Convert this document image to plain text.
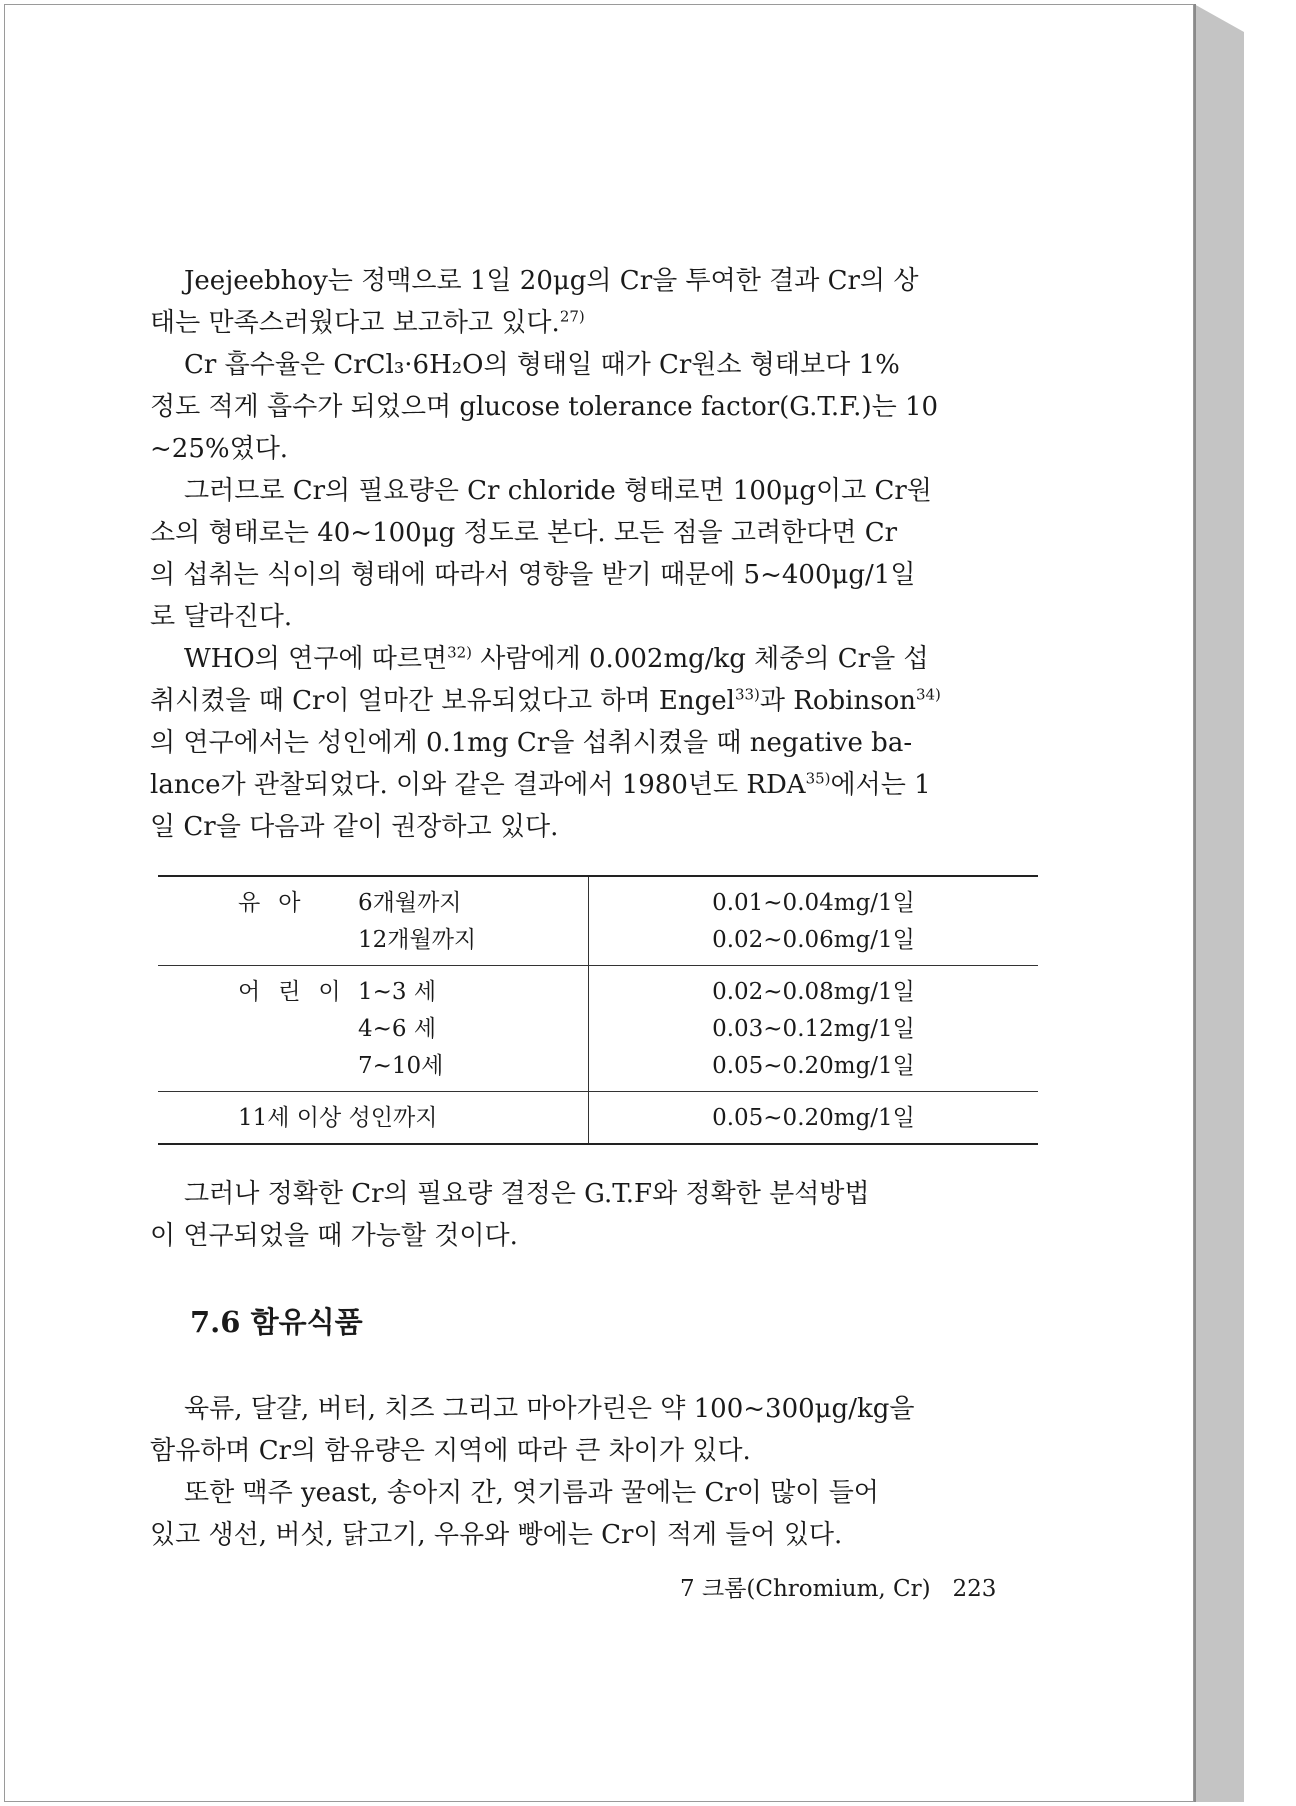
Jeejeebhoy는 정맥으로 1일 20μg의 Cr을 투여한 결과 Cr의 상
태는 만족스러웠다고 보고하고 있다.$^{27)}$

Cr 흡수율은 CrCl₃·6H₂O의 형태일 때가 Cr원소 형태보다 1%
정도 적게 흡수가 되었으며 glucose tolerance factor(G.T.F.)는 10
~25%였다.

그러므로 Cr의 필요량은 Cr chloride 형태로면 100μg이고 Cr원
소의 형태로는 40~100μg 정도로 본다. 모든 점을 고려한다면 Cr
의 섭취는 식이의 형태에 따라서 영향을 받기 때문에 5~400μg/1일
로 달라진다.

WHO의 연구에 따르면$^{32)}$ 사람에게 0.002mg/kg 체중의 Cr을 섭
취시켰을 때 Cr이 얼마간 보유되었다고 하며 Engel$^{33)}$과 Robinson$^{34)}$
의 연구에서는 성인에게 0.1mg Cr을 섭취시켰을 때 negative ba-
lance가 관찰되었다. 이와 같은 결과에서 1980년도 RDA$^{35)}$에서는 1
일 Cr을 다음과 같이 권장하고 있다.

유아 6개월까지
12개월까지
0.01~0.04mg/1일
0.02~0.06mg/1일
어린이1~3 세
4~6 세
7~10세
0.02~0.08mg/1일
0.03~0.12mg/1일
0.05~0.20mg/1일
11세 이상 성인까지	0.05~0.20mg/1일

그러나 정확한 Cr의 필요량 결정은 G.T.F와 정확한 분석방법
이 연구되었을 때 가능할 것이다.

7.6 함유식품

육류, 달걀, 버터, 치즈 그리고 마아가린은 약 100~300μg/kg을
함유하며 Cr의 함유량은 지역에 따라 큰 차이가 있다.

또한 맥주 yeast, 송아지 간, 엿기름과 꿀에는 Cr이 많이 들어
있고 생선, 버섯, 닭고기, 우유와 빵에는 Cr이 적게 들어 있다.

7 크롬(Chromium, Cr) 223
